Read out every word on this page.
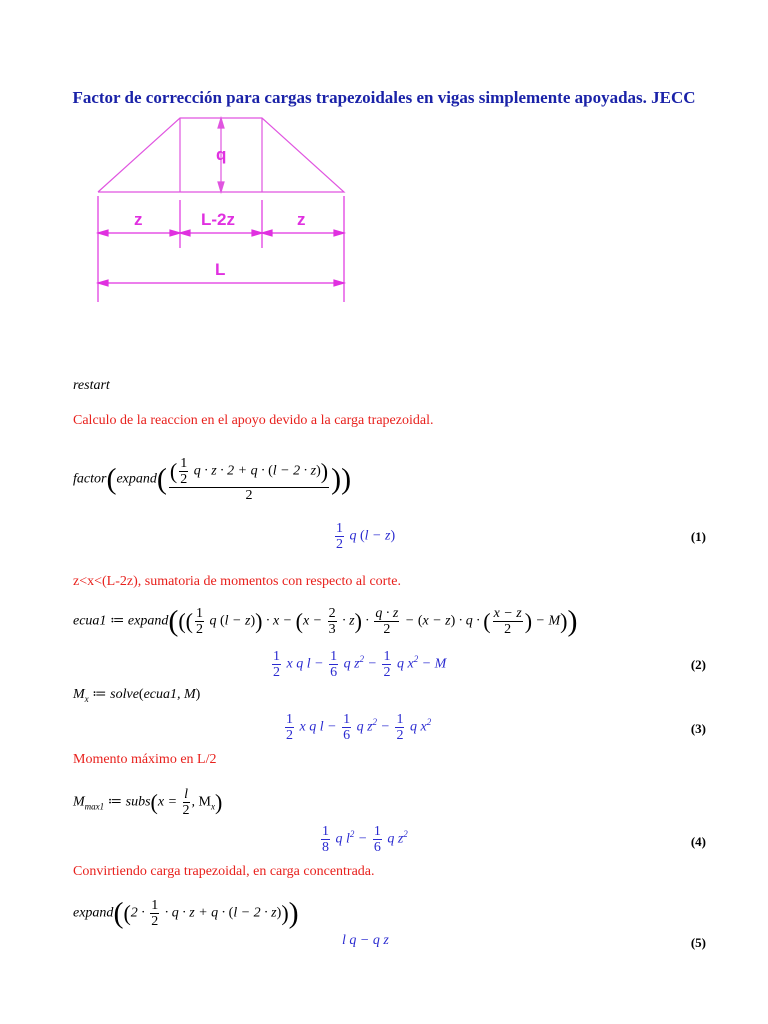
Factor de corrección para cargas trapezoidales en vigas simplemente apoyadas. JECC
q
z	L-2z	z
L
restart
Calculo de la reaccion en el apoyo devido a la carga trapezoidal.
factor(expand( $\frac{( \frac{1}{2} q \cdot z \cdot 2 + q \cdot (l - 2 \cdot z))}{2}$ ))
$\frac{1}{2}$ q (l − z)	(1)
z<x<(L-2z), sumatoria de momentos con respecto al corte.
ecua1 ≔ expand((( $\frac{1}{2}$ q $(l - z)) \cdot x - (x - \frac{2}{3} \cdot z) \cdot \frac{q \cdot z}{2} - (x - z) \cdot q$ · ( $\frac{x - z}{2}$ ) − M))
$\frac{1}{2}$ x q $l - \frac{1}{6}$ q $z^2 - \frac{1}{2}$ q $x^2 - M$	(2)
$M_x$ ≔ solve(ecua1, M)
$\frac{1}{2}$ x q $l - \frac{1}{6}$ q $z^2 - \frac{1}{2}$ q $x^2$	(3)
Momento máximo en L/2
$M_{max1}$ ≔ subs(x = $\frac{l}{2}$ , $M_x$)
$\frac{1}{8}$ q $l^2 - \frac{1}{6}$ q $z^2$	(4)
Convirtiendo carga trapezoidal, en carga concentrada.
expand((2 · $\frac{1}{2} \cdot q \cdot z + q \cdot (l - 2 \cdot z)$))
l q − q z	(5)
